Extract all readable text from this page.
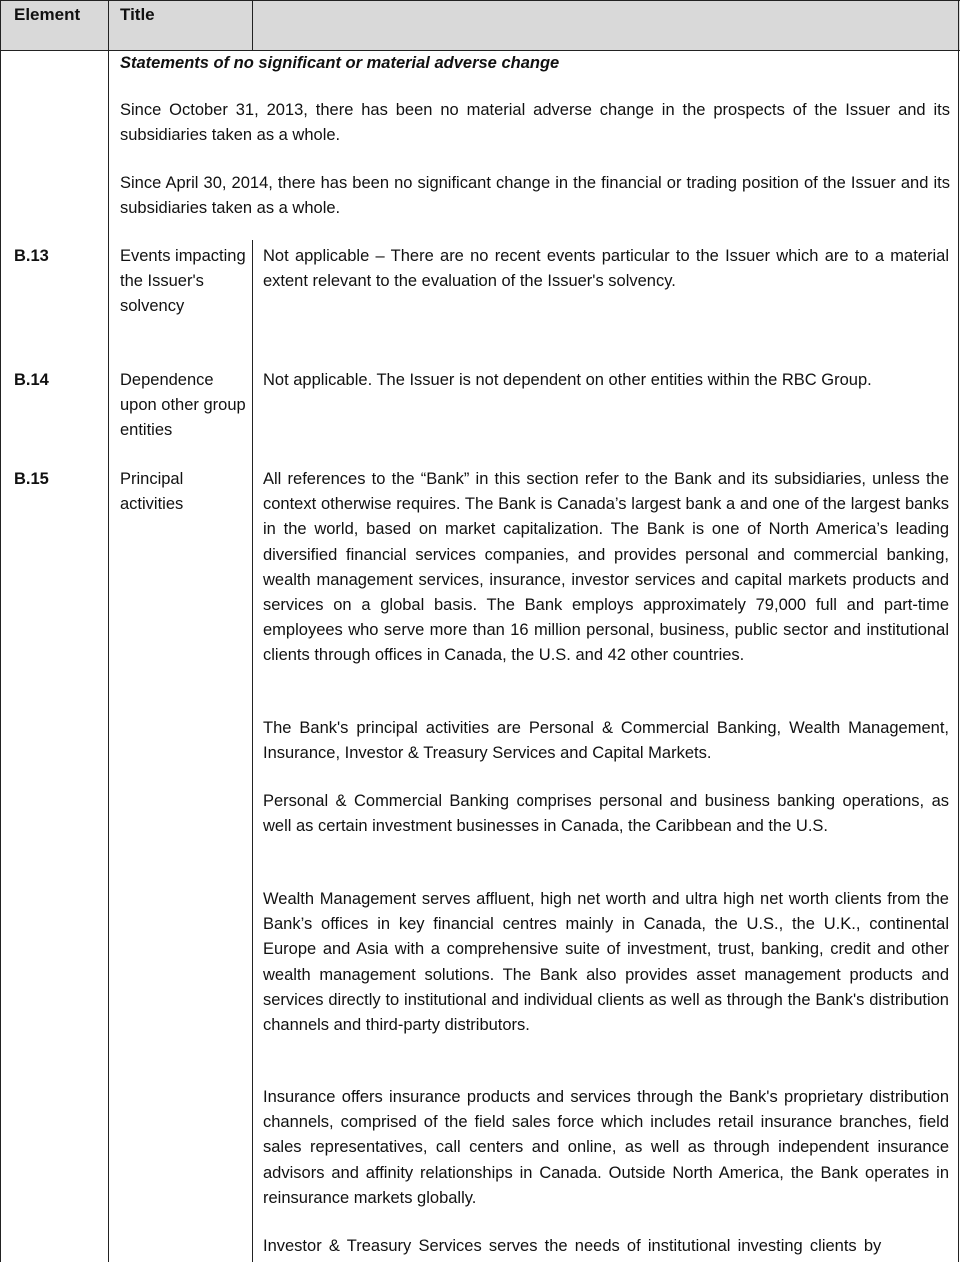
Element Title
Statements of no significant or material adverse change
Since October 31, 2013, there has been no material adverse change in the prospects of the Issuer and its subsidiaries taken as a whole.
Since April 30, 2014, there has been no significant change in the financial or trading position of the Issuer and its subsidiaries taken as a whole.
B.13	Events impacting the Issuer's solvency
Not applicable – There are no recent events particular to the Issuer which are to a material extent relevant to the evaluation of the Issuer's solvency.
B.14	Dependence upon other group entities
Not applicable. The Issuer is not dependent on other entities within the RBC Group.
B.15	Principal activities
All references to the “Bank” in this section refer to the Bank and its subsidiaries, unless the context otherwise requires. The Bank is Canada’s largest bank a and one of the largest banks in the world, based on market capitalization. The Bank is one of North America’s leading diversified financial services companies, and provides personal and commercial banking, wealth management services, insurance, investor services and capital markets products and services on a global basis. The Bank employs approximately 79,000 full and part-time employees who serve more than 16 million personal, business, public sector and institutional clients through offices in Canada, the U.S. and 42 other countries.
The Bank's principal activities are Personal & Commercial Banking, Wealth Management, Insurance, Investor & Treasury Services and Capital Markets.
Personal & Commercial Banking comprises personal and business banking operations, as well as certain investment businesses in Canada, the Caribbean and the U.S.
Wealth Management serves affluent, high net worth and ultra high net worth clients from the Bank’s offices in key financial centres mainly in Canada, the U.S., the U.K., continental Europe and Asia with a comprehensive suite of investment, trust, banking, credit and other wealth management solutions. The Bank also provides asset management products and services directly to institutional and individual clients as well as through the Bank's distribution channels and third-party distributors.
Insurance offers insurance products and services through the Bank's proprietary distribution channels, comprised of the field sales force which includes retail insurance branches, field sales representatives, call centers and online, as well as through independent insurance advisors and affinity relationships in Canada. Outside North America, the Bank operates in reinsurance markets globally.
Investor & Treasury Services serves the needs of institutional investing clients by
